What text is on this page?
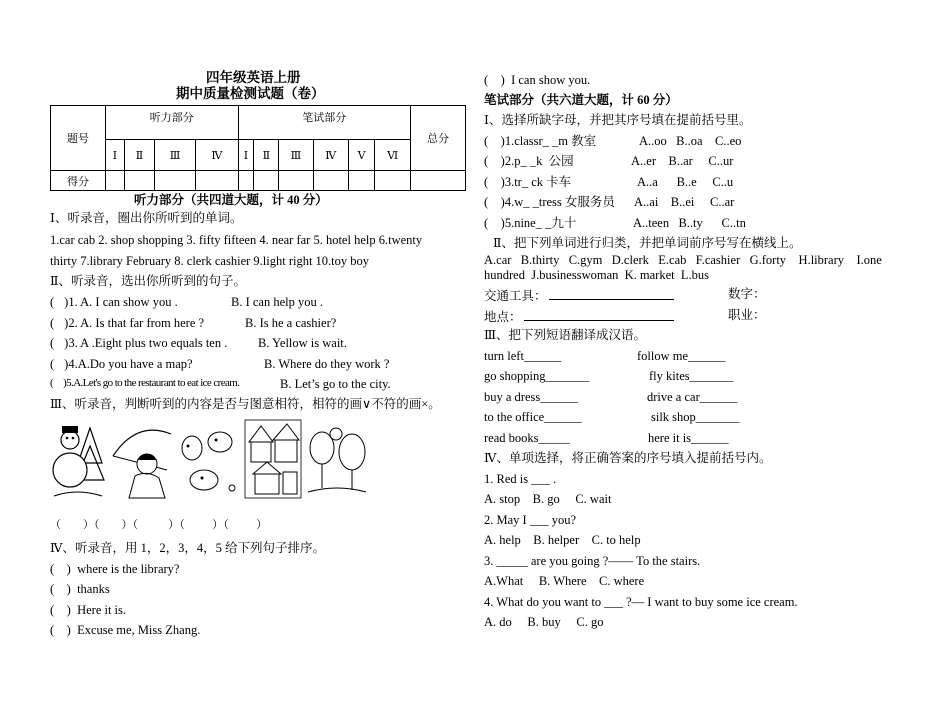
四年级英语上册
期中质量检测试题（卷）
题号	听力部分				笔试部分						总分
	Ⅰ	Ⅱ	Ⅲ	Ⅳ	Ⅰ	Ⅱ	Ⅲ	Ⅳ	Ⅴ	Ⅵ	
得分											
听力部分（共四道大题，计 40 分）
Ⅰ、听录音，圈出你所听到的单词。
1.car cab 2. shop shopping 3. fifty fifteen 4. near far 5. hotel help 6.twenty
thirty 7.library February 8. clerk cashier 9.light right 10.toy boy
Ⅱ、听录音，选出你所听到的句子。
( )1. A. I can show you .	B. I can help you .
( )2. A. Is that far from here ?	B. Is he a cashier?
( )3. A .Eight plus two equals ten . B. Yellow is wait.
( )4.A.Do you have a map?	B. Where do they work ?
( )5.A.Let's go to the restaurant to eat ice cream.	B. Let’s go to the city.
Ⅲ、听录音，判断听到的内容是否与图意相符，相符的画∨不符的画×。
（        ）（        ）（           ）（          ）（          ）
Ⅳ、听录音，用 1，2，3，4，5 给下列句子排序。
(    )  where is the library?
(    )  thanks
(    )  Here it is.
(    )  Excuse me, Miss Zhang.
(    )  I can show you.
笔试部分（共六道大题，计 60 分）
Ⅰ、选择所缺字母，并把其序号填在提前括号里。
(    )1.classr_ _m 教室	A..oo   B..oa    C..eo
(    )2.p_ _k  公园	A..er    B..ar     C..ur
(    )3.tr_ ck 卡车	A..a      B..e     C..u
(    )4.w_ _tress 女服务员 A..ai    B..ei     C..ar
(    )5.nine_ _九十	A..teen   B..ty      C..tn
Ⅱ、把下列单词进行归类，并把单词前序号写在横线上。
A.car   B.thirty   C.gym   D.clerk   E.cab   F.cashier   G.forty    H.library    I.one
hundred  J.businesswoman  K. market  L.bus
交通工具：	数字：
地点：	职业：
Ⅲ、把下列短语翻译成汉语。
turn left______	follow me______
go shopping_______	fly kites_______
buy a dress______	drive a car______
to the office______	silk shop_______
read books_____	here it is______
Ⅳ、单项选择，将正确答案的序号填入提前括号内。
1. Red is ___ .
A. stop    B. go     C. wait
2. May I ___ you?
A. help    B. helper    C. to help
3. _____ are you going ?—— To the stairs.
A.What     B. Where    C. where
4. What do you want to ___ ?— I want to buy some ice cream.
A. do     B. buy     C. go
